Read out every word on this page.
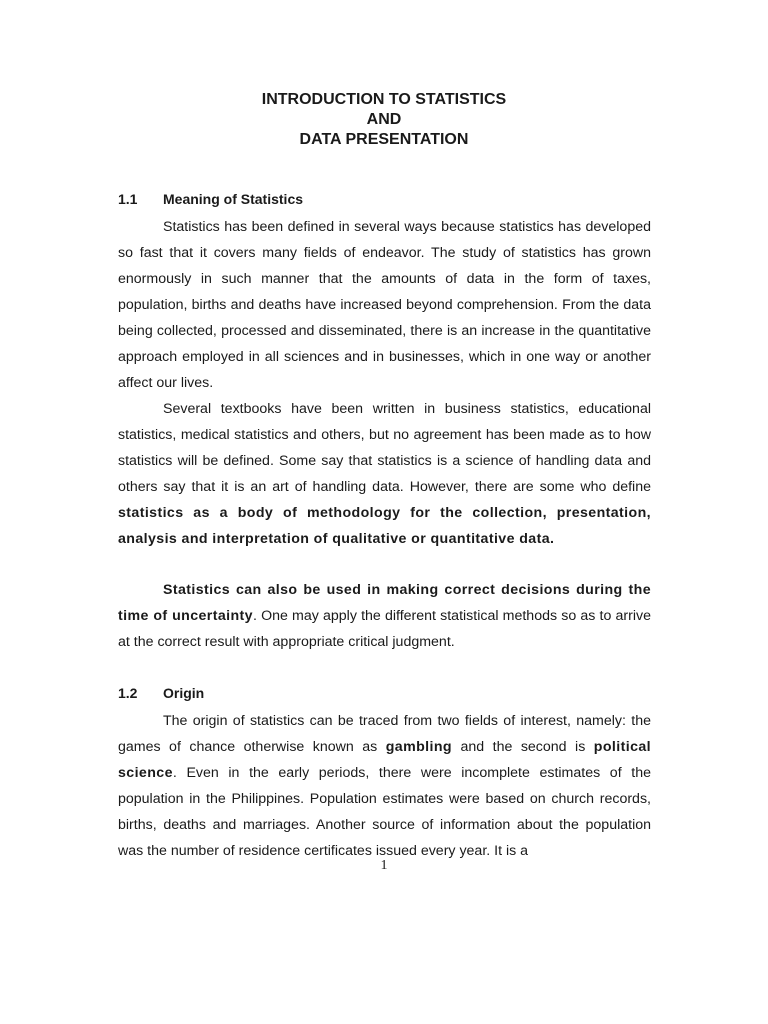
INTRODUCTION TO STATISTICS
AND
DATA PRESENTATION
1.1 Meaning of Statistics

Statistics has been defined in several ways because statistics has developed so fast that it covers many fields of endeavor. The study of statistics has grown enormously in such manner that the amounts of data in the form of taxes, population, births and deaths have increased beyond comprehension. From the data being collected, processed and disseminated, there is an increase in the quantitative approach employed in all sciences and in businesses, which in one way or another affect our lives.

Several textbooks have been written in business statistics, educational statistics, medical statistics and others, but no agreement has been made as to how statistics will be defined. Some say that statistics is a science of handling data and others say that it is an art of handling data. However, there are some who define statistics as a body of methodology for the collection, presentation, analysis and interpretation of qualitative or quantitative data.

Statistics can also be used in making correct decisions during the time of uncertainty. One may apply the different statistical methods so as to arrive at the correct result with appropriate critical judgment.

1.2 Origin

The origin of statistics can be traced from two fields of interest, namely: the games of chance otherwise known as gambling and the second is political science. Even in the early periods, there were incomplete estimates of the population in the Philippines. Population estimates were based on church records, births, deaths and marriages. Another source of information about the population was the number of residence certificates issued every year. It is a

1
